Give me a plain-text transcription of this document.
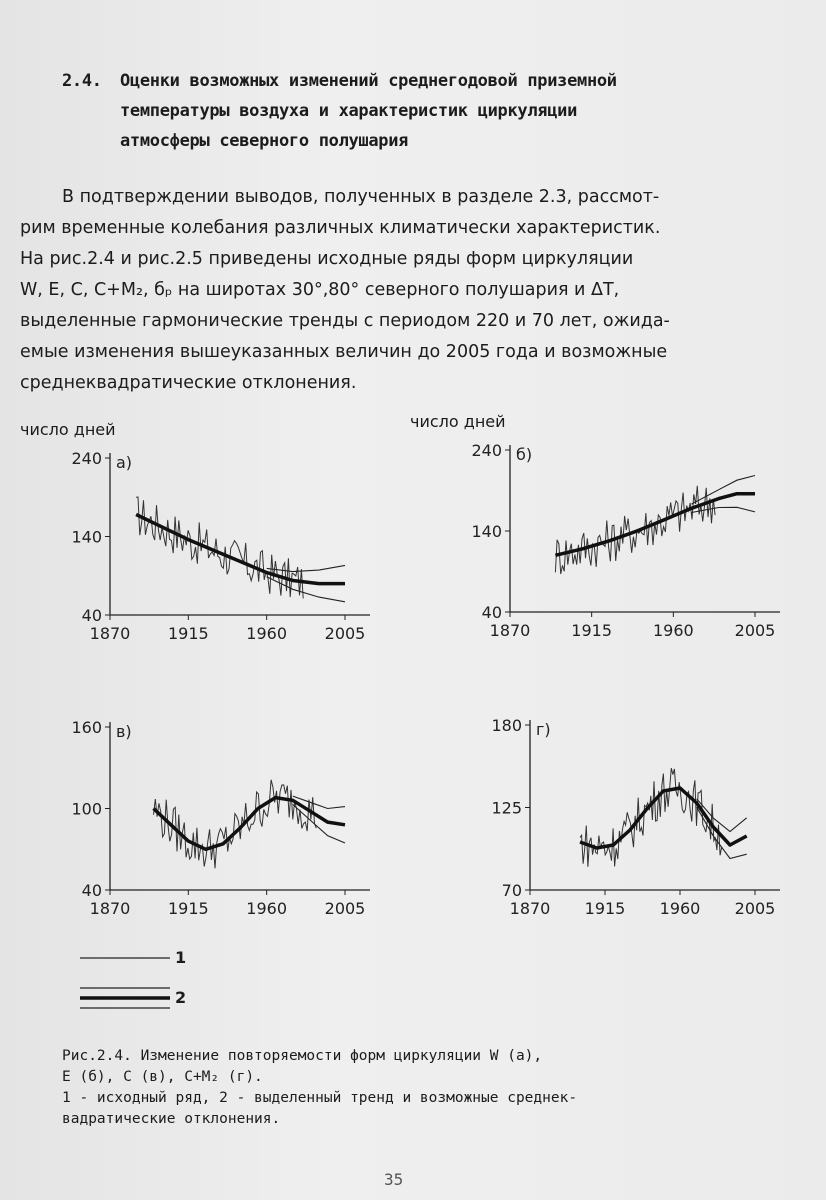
2.4. Оценки возможных изменений среднегодовой приземной
температуры воздуха и характеристик циркуляции
атмосферы северного полушария
В подтверждении выводов, полученных в разделе 2.3, рассмот-
рим временные колебания различных климатически характеристик.
На рис.2.4 и рис.2.5 приведены исходные ряды форм циркуляции
W, E, C, C+M₂, бₚ на широтах 30°,80° северного полушария и ΔT,
выделенные гармонические тренды с периодом 220 и 70 лет, ожида-
емые изменения вышеуказанных величин до 2005 года и возможные
среднеквадратические отклонения.
число дней	число дней
1870 1915 1960 2005
240
140
40
а)
1870	1915	1960	2005
240
140
40
б)
1870 1915 1960 2005
160
100
40
в)
1870 1915 1960 2005
180
125
70
г)
1
2
Рис.2.4. Изменение повторяемости форм циркуляции W (а),
E (б), C (в), C+M₂ (г).
1 - исходный ряд, 2 - выделенный тренд и возможные среднек-
вадратические отклонения.
35
